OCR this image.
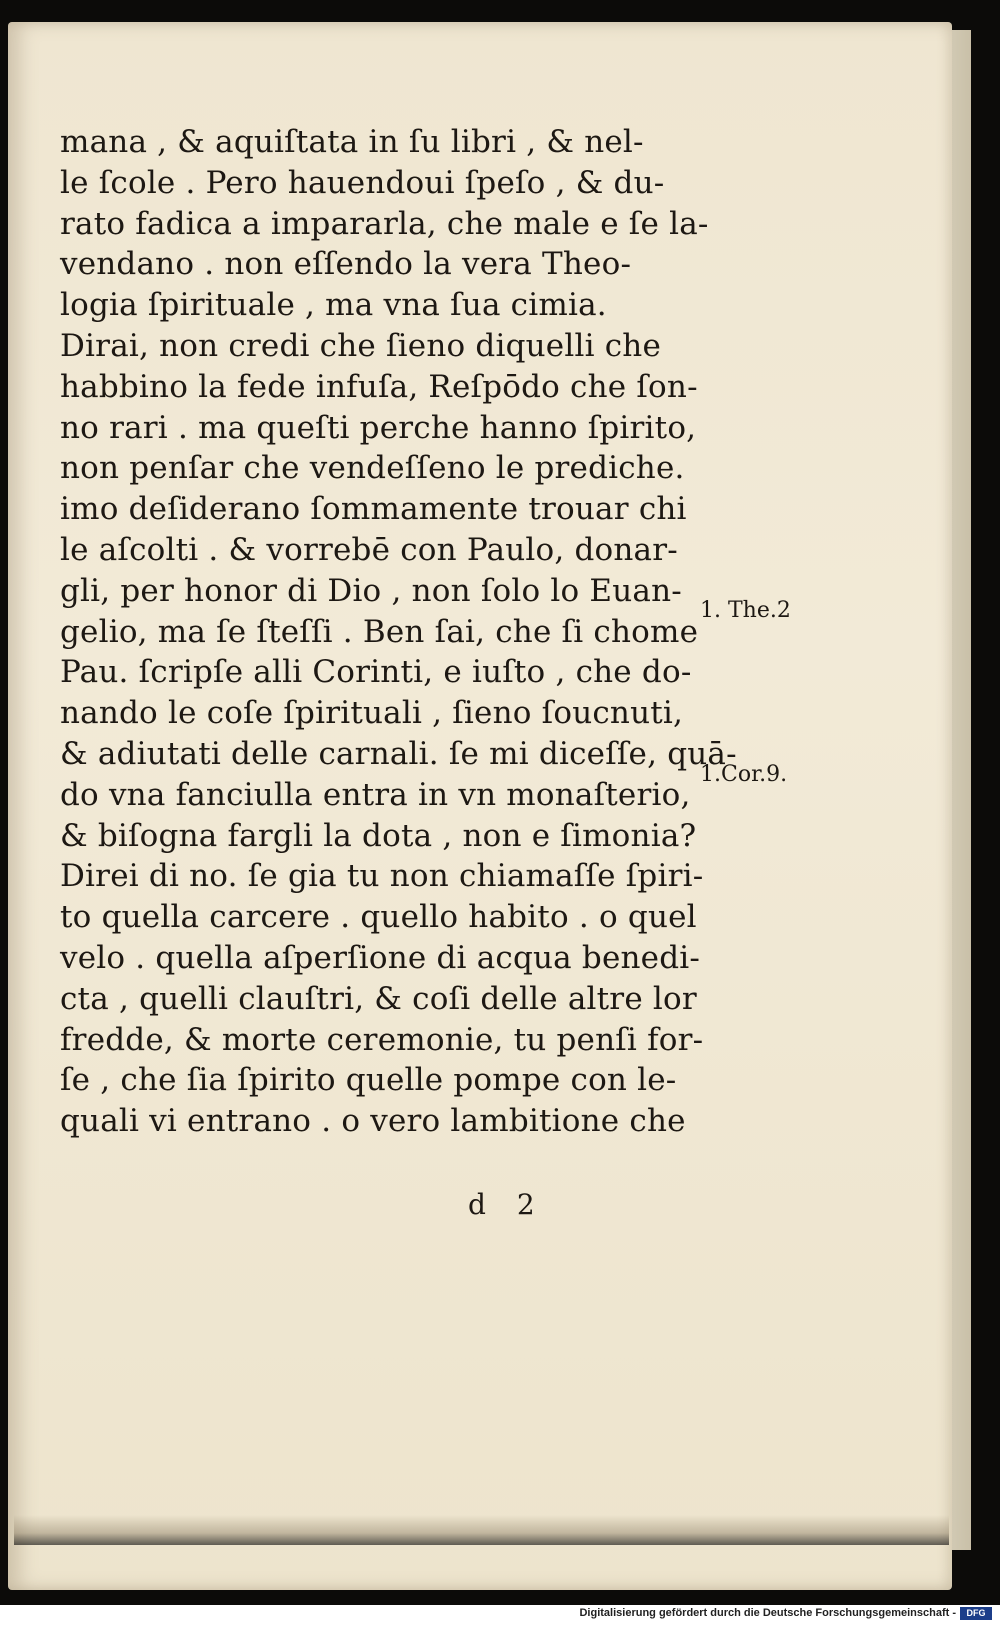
mana , & aquiſtata in ſu libri , & nel-
le ſcole . Pero hauendoui ſpeſo , & du-
rato fadica a impararla, che male e ſe la-
vendano . non eſſendo la vera Theo-
logia ſpirituale , ma vna ſua cimia.
Dirai, non credi che ſieno diquelli che
habbino la fede infuſa, Reſpōdo che ſon-
no rari . ma queſti perche hanno ſpirito,
non penſar che vendeſſeno le prediche.
imo deſiderano ſommamente trouar chi
le aſcolti . & vorrebē con Paulo, donar-
gli, per honor di Dio , non ſolo lo Euan-
gelio, ma ſe ſteſſi . Ben ſai, che ſi chome
Pau. ſcripſe alli Corinti, e iuſto , che do-
nando le coſe ſpirituali , ſieno ſoucnuti,
& adiutati delle carnali. ſe mi diceſſe, quā-
do vna fanciulla entra in vn monaſterio,
& biſogna fargli la dota , non e ſimonia?
Direi di no. ſe gia tu non chiamaſſe ſpiri-
to quella carcere . quello habito . o quel
velo . quella aſperſione di acqua benedi-
cta , quelli clauſtri, & coſi delle altre lor
fredde, & morte ceremonie, tu penſi for-
ſe , che ſia ſpirito quelle pompe con le-
quali vi entrano . o vero lambitione che
1. The.2
1.Cor.9.
d 2
Digitalisierung gefördert durch die Deutsche Forschungsgemeinschaft -	DFG
